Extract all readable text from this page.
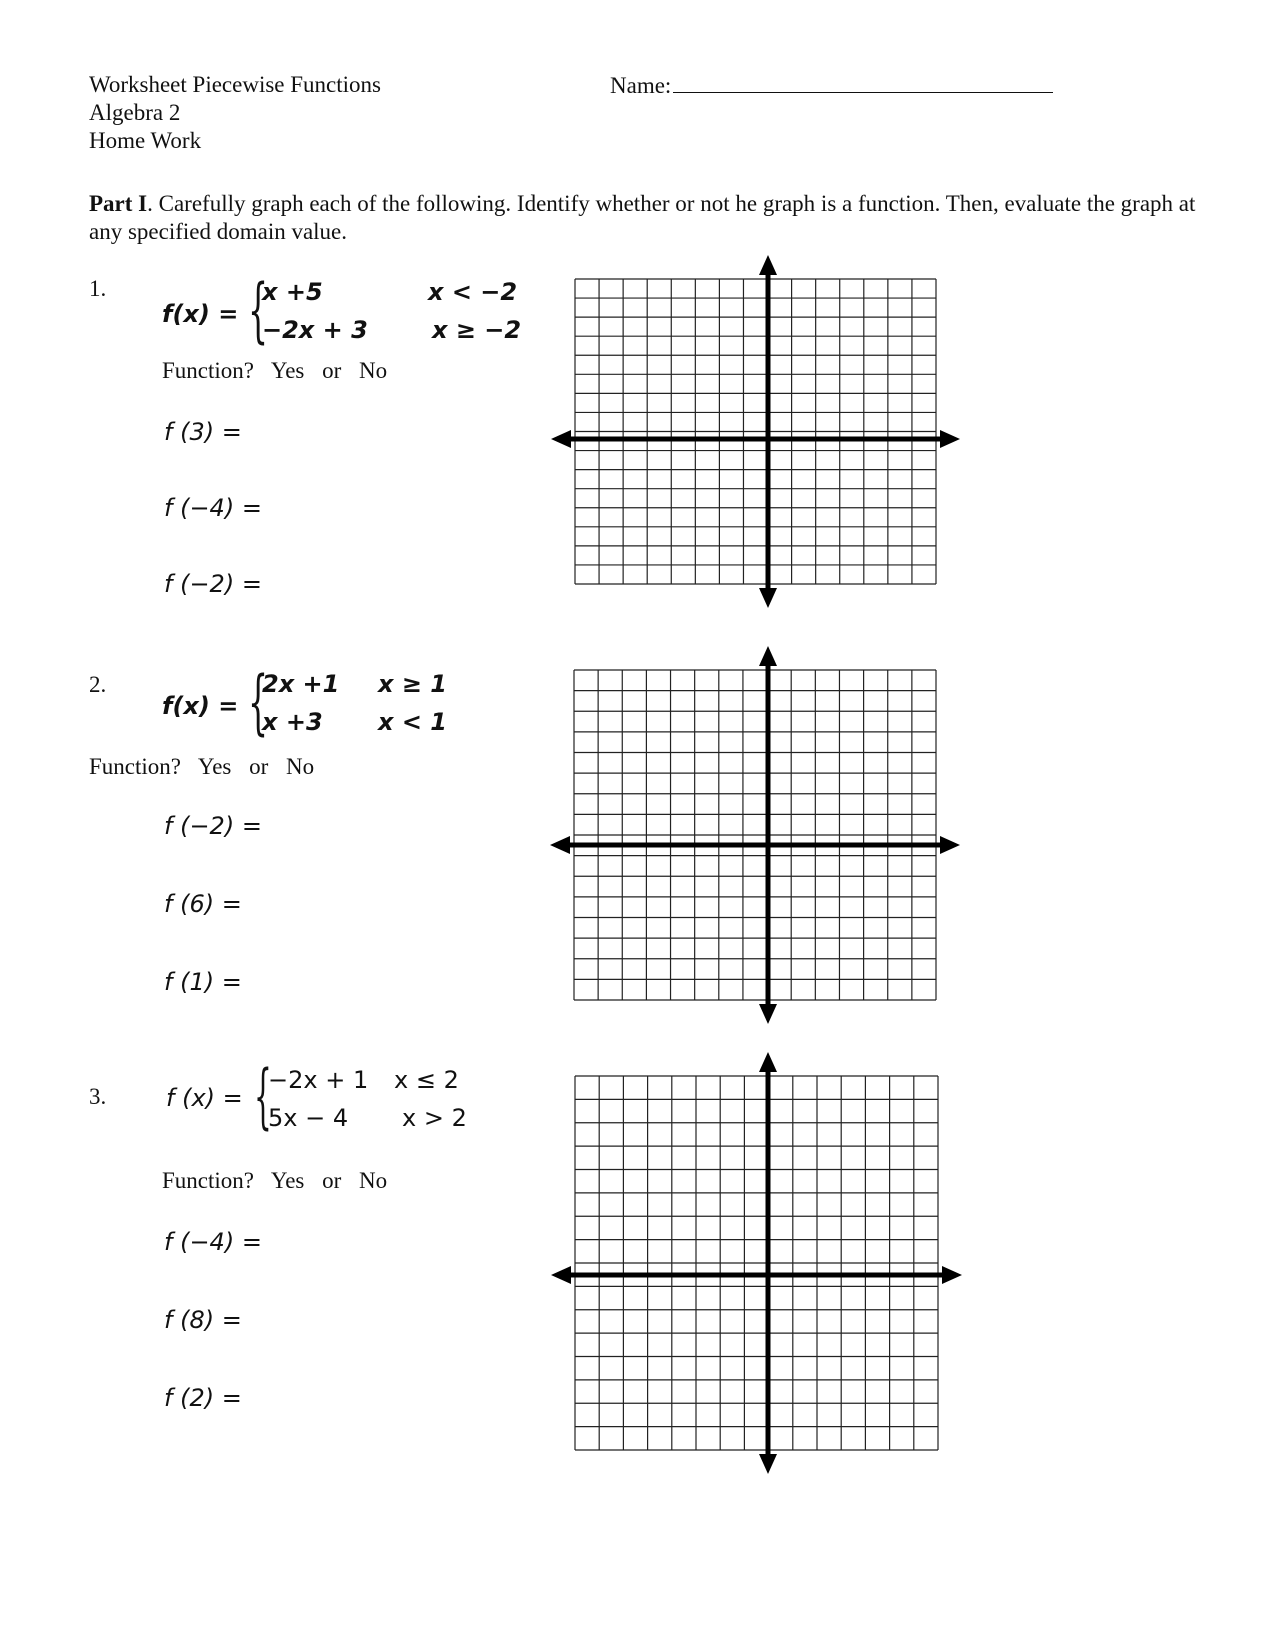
Worksheet Piecewise Functions
Algebra 2
Home Work
Name:
Part I. Carefully graph each of the following. Identify whether or not he graph is a function. Then, evaluate the graph at any specified domain value.
1.
f(x) = {
x +5	x < −2
−2x + 3	x ≥ −2
Function? Yes or No
f (3) =
f (−4) =
f (−2) =
2.
f(x) = {
2x +1 x ≥ 1
x +3 x < 1
Function? Yes or No
f (−2) =
f (6) =
f (1) =
3. f (x) = {
−2x + 1 x ≤ 2
5x − 4 x > 2
Function? Yes or No
f (−4) =
f (8) =
f (2) =
